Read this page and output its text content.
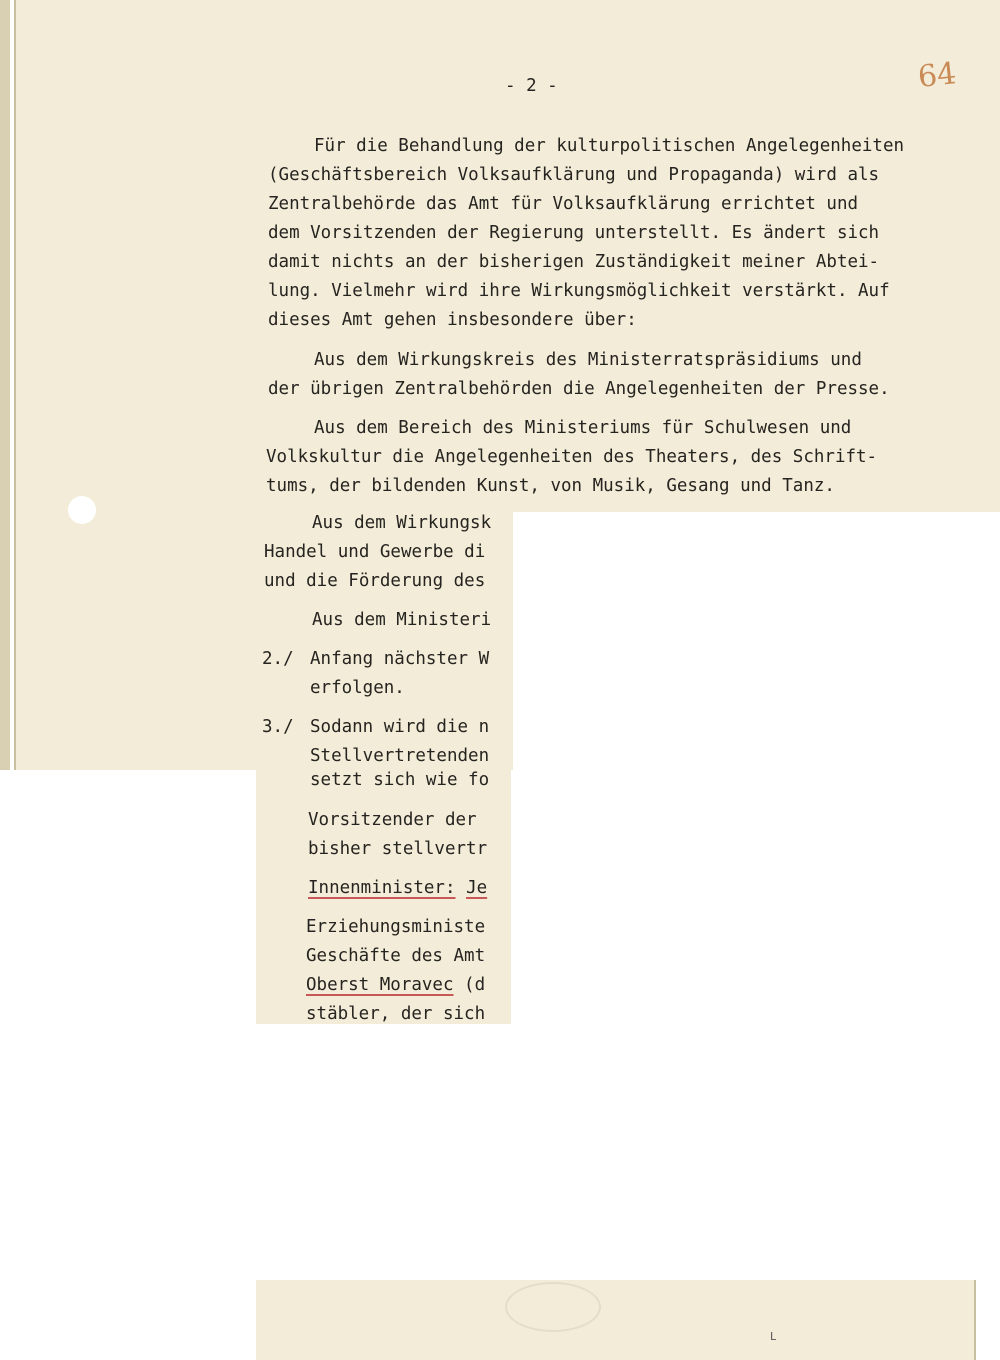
- 2 -	64
Für die Behandlung der kulturpolitischen Angelegenheiten
(Geschäftsbereich Volksaufklärung und Propaganda) wird als
Zentralbehörde das Amt für Volksaufklärung errichtet und
dem Vorsitzenden der Regierung unterstellt. Es ändert sich
damit nichts an der bisherigen Zuständigkeit meiner Abtei-
lung. Vielmehr wird ihre Wirkungsmöglichkeit verstärkt. Auf
dieses Amt gehen insbesondere über:
Aus dem Wirkungskreis des Ministerratspräsidiums und
der übrigen Zentralbehörden die Angelegenheiten der Presse.
Aus dem Bereich des Ministeriums für Schulwesen und
Volkskultur die Angelegenheiten des Theaters, des Schrift-
tums, der bildenden Kunst, von Musik, Gesang und Tanz.
Aus dem Wirkungsk
Handel und Gewerbe di
und die Förderung des
Aus dem Ministeri
2./ Anfang nächster W
erfolgen.
3./ Sodann wird die n
Stellvertretenden
setzt sich wie fo
Vorsitzender der
bisher stellvertr
Innenminister: Je
Erziehungsministe
Geschäfte des Amt
Oberst Moravec (d
stäbler, der sich
L
